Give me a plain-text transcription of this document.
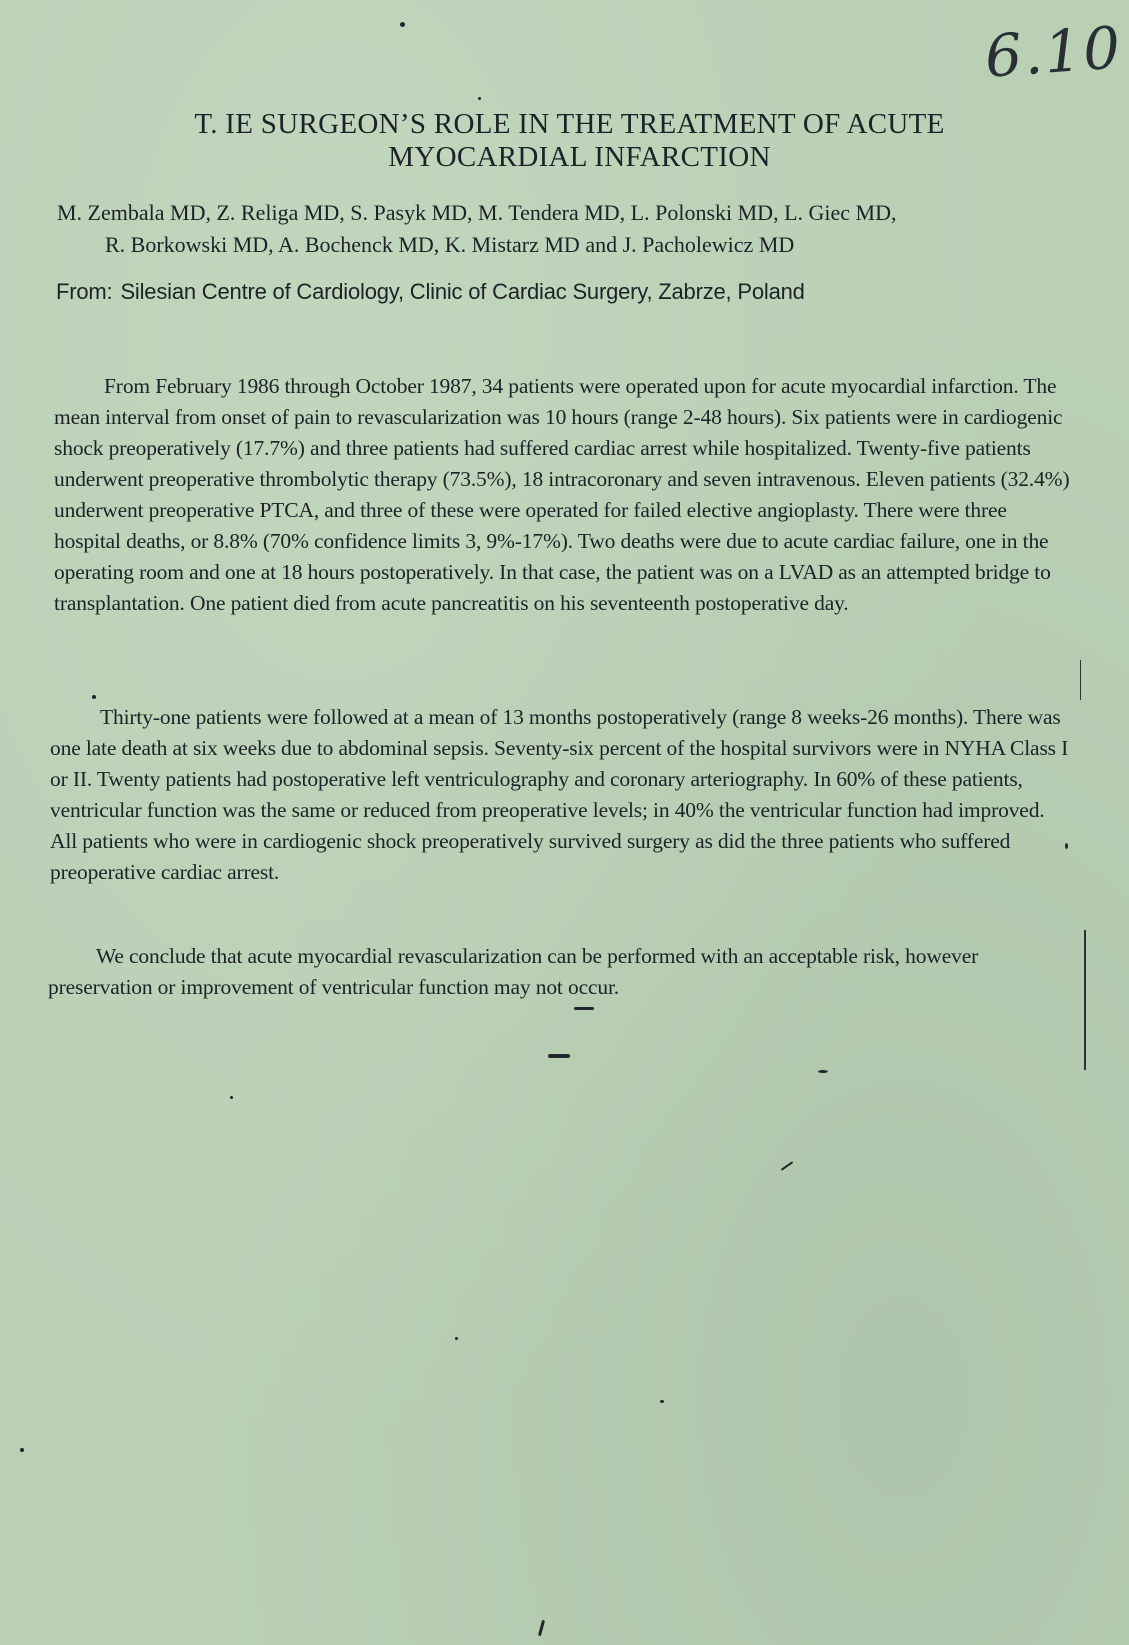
6.10
T. IE SURGEON’S ROLE IN THE TREATMENT OF ACUTE
MYOCARDIAL INFARCTION
M. Zembala MD, Z. Religa MD, S. Pasyk MD, M. Tendera MD, L. Polonski MD, L. Giec MD,
R. Borkowski MD, A. Bochenck MD, K. Mistarz MD and J. Pacholewicz MD
From: Silesian Centre of Cardiology, Clinic of Cardiac Surgery, Zabrze, Poland

From February 1986 through October 1987, 34 patients were operated upon for acute myocardial infarction. The mean interval from onset of pain to revascularization was 10 hours (range 2-48 hours). Six patients were in cardiogenic shock preoperatively (17.7%) and three patients had suffered cardiac arrest while hospitalized. Twenty-five patients underwent preoperative thrombolytic therapy (73.5%), 18 intracoronary and seven intravenous. Eleven patients (32.4%) underwent preoperative PTCA, and three of these were operated for failed elective angioplasty. There were three hospital deaths, or 8.8% (70% confidence limits 3, 9%-17%). Two deaths were due to acute cardiac failure, one in the operating room and one at 18 hours postoperatively. In that case, the patient was on a LVAD as an attempted bridge to transplantation. One patient died from acute pancreatitis on his seventeenth postoperative day.

Thirty-one patients were followed at a mean of 13 months postoperatively (range 8 weeks-26 months). There was one late death at six weeks due to abdominal sepsis. Seventy-six percent of the hospital survivors were in NYHA Class I or II. Twenty patients had postoperative left ventriculography and coronary arteriography. In 60% of these patients, ventricular function was the same or reduced from preoperative levels; in 40% the ventricular function had improved. All patients who were in cardiogenic shock preoperatively survived surgery as did the three patients who suffered preoperative cardiac arrest.

We conclude that acute myocardial revascularization can be performed with an acceptable risk, however preservation or improvement of ventricular function may not occur.
